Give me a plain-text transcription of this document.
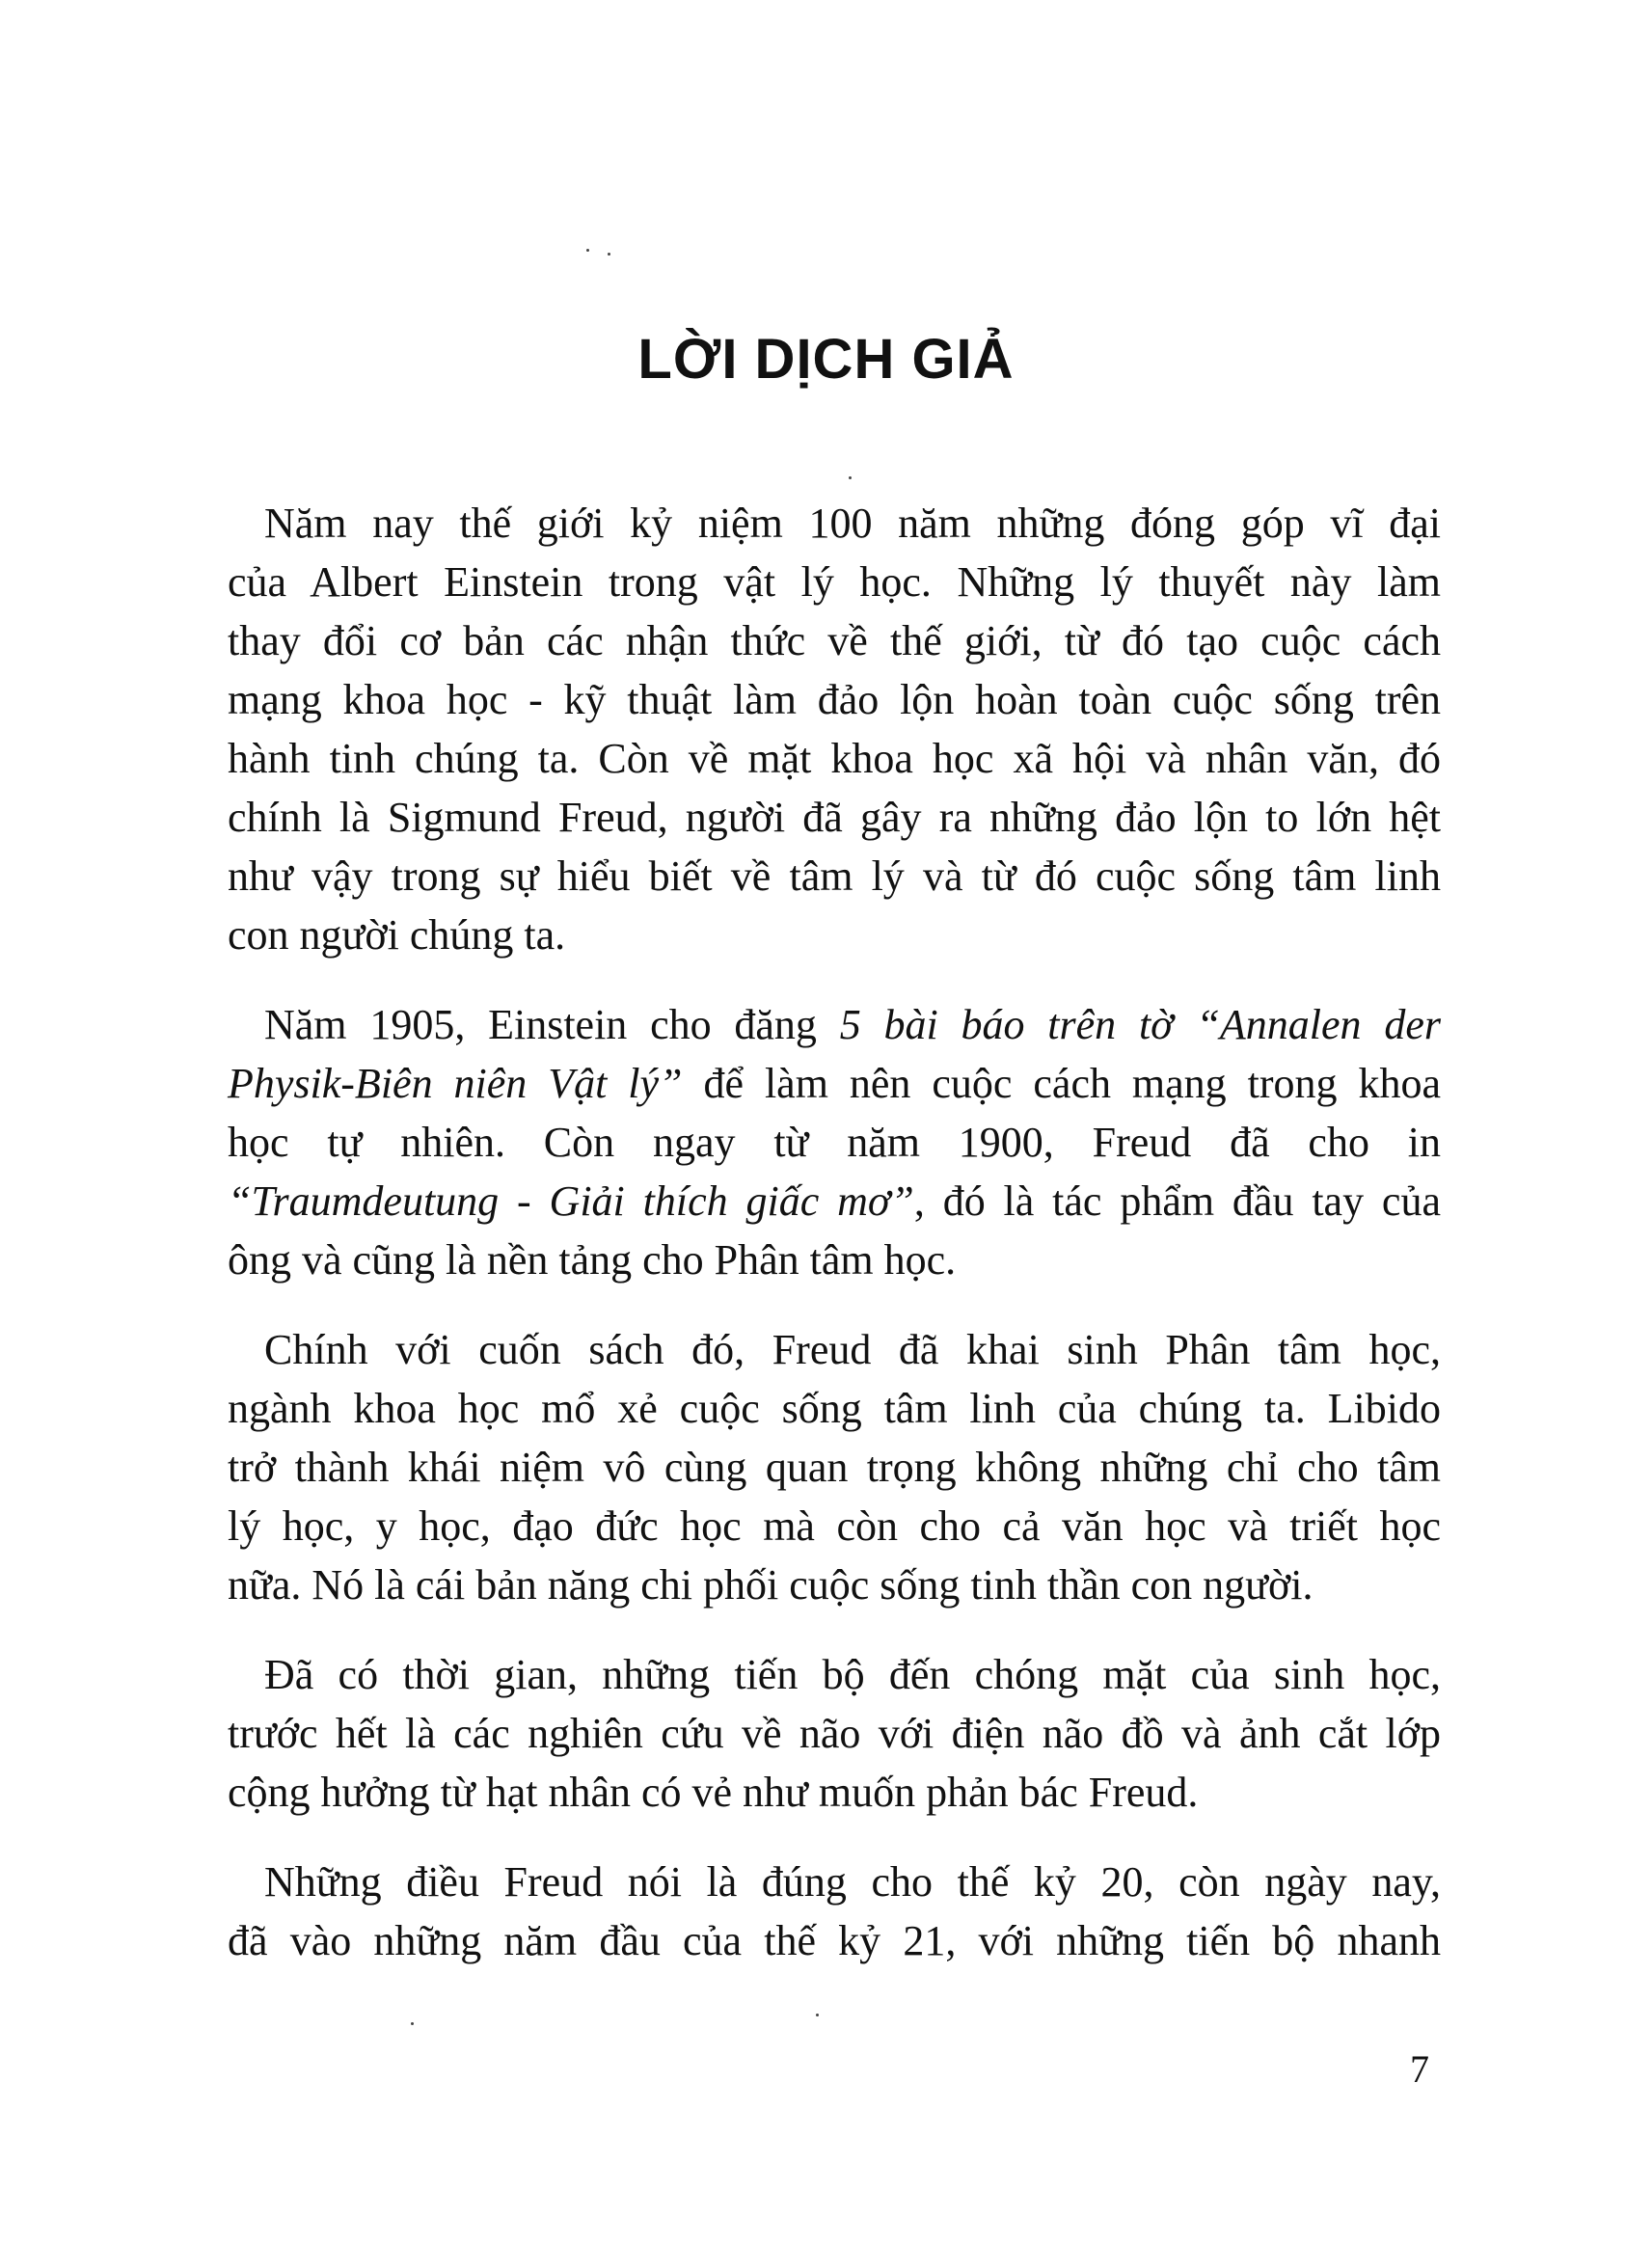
LỜI DỊCH GIẢ
Năm nay thế giới kỷ niệm 100 năm những đóng góp vĩ đại
của Albert Einstein trong vật lý học. Những lý thuyết này làm
thay đổi cơ bản các nhận thức về thế giới, từ đó tạo cuộc cách
mạng khoa học - kỹ thuật làm đảo lộn hoàn toàn cuộc sống trên
hành tinh chúng ta. Còn về mặt khoa học xã hội và nhân văn, đó
chính là Sigmund Freud, người đã gây ra những đảo lộn to lớn hệt
như vậy trong sự hiểu biết về tâm lý và từ đó cuộc sống tâm linh
con người chúng ta.
Năm 1905, Einstein cho đăng 5 bài báo trên tờ “Annalen der
Physik-Biên niên Vật lý” để làm nên cuộc cách mạng trong khoa
học tự nhiên. Còn ngay từ năm 1900, Freud đã cho in
“Traumdeutung - Giải thích giấc mơ”, đó là tác phẩm đầu tay của
ông và cũng là nền tảng cho Phân tâm học.
Chính với cuốn sách đó, Freud đã khai sinh Phân tâm học,
ngành khoa học mổ xẻ cuộc sống tâm linh của chúng ta. Libido
trở thành khái niệm vô cùng quan trọng không những chỉ cho tâm
lý học, y học, đạo đức học mà còn cho cả văn học và triết học
nữa. Nó là cái bản năng chi phối cuộc sống tinh thần con người.
Đã có thời gian, những tiến bộ đến chóng mặt của sinh học,
trước hết là các nghiên cứu về não với điện não đồ và ảnh cắt lớp
cộng hưởng từ hạt nhân có vẻ như muốn phản bác Freud.
Những điều Freud nói là đúng cho thế kỷ 20, còn ngày nay,
đã vào những năm đầu của thế kỷ 21, với những tiến bộ nhanh
7
